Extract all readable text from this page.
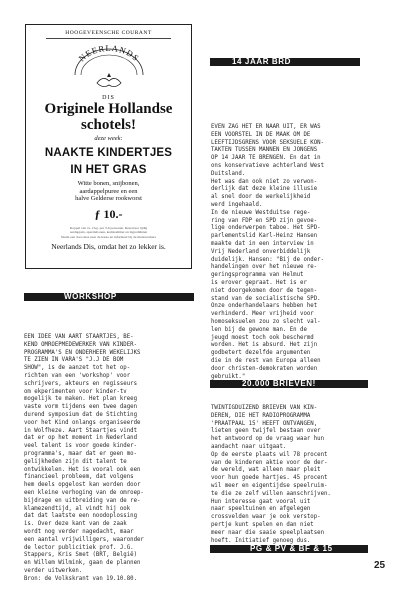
HOOGEVEENSCHE COURANT
NEERLANDS
DIS
Originele Hollandse
schotels!
deze week:
NAAKTE KINDERTJES
IN HET GRAS
Witte bonen, snijbonen,
aardappelpuree en een
halve Gelderse rookworst
ƒ 10.-
Koppel van ca. 2 kg. per 3-6 personen. Reserveer tijdig
aardappels, sperziebonen, komkommer en ingrediënten
Neem een doos mee naar de kassa en informeer bij de medewerkers
Neerlands Dis, omdat het zo lekker is.
14 JAAR BRD
EVEN ZAG HET ER NAAR UIT, ER WAS
EEN VOORSTEL IN DE MAAK OM DE
LEEFTIJDSGRENS VOOR SEKSUELE KON-
TAKTEN TUSSEN MANNEN EN JONGENS
OP 14 JAAR TE BRENGEN. En dat in
ons konservatieve achterland West
Duitsland.
Het was dan ook niet zo verwon-
derlijk dat deze kleine illusie
al snel door de werkelijkheid
werd ingehaald.
In de nieuwe Westduitse rege-
ring van FDP en SPD zijn gevoe-
lige onderwerpen taboe. Het SPD-
parlementslid Karl-Heinz Hansen
maakte dat in een interview in
Vrij Nederland onverbiddelijk
duidelijk. Hansen: "Bij de onder-
handelingen over het nieuwe re-
geringsprogramma van Helmut
is erover gepraat. Het is er
niet doorgekomen door de tegen-
stand van de socialistische SPD.
Onze onderhandelaars hebben het
verhinderd. Meer vrijheid voor
homoseksuelen zou zo slecht val-
len bij de gewone man. En de
jeugd moest toch ook beschermd
worden. Het is absurd. Het zijn
godbetert dezelfde argumenten
die in de rest van Europa alleen
door christen-demokraten worden
gebruikt."
WORKSHOP
EEN IDEE VAN AART STAARTJES, BE-
KEND OMROEPMEDEWERKER VAN KINDER-
PROGRAMMA'S EN ONDERHEER WEKELIJKS
TE ZIEN IN VARA'S "J.J DE BOM
SHOW", is de aanzet tot het op-
richten van een 'workshop' voor
schrijvers, akteurs en regisseurs
om ekperimenten voor kinder-tv
mogelijk te maken. Het plan kreeg
vaste vorm tijdens een twee dagen
durend symposium dat de Stichting
voor het Kind onlangs organiseerde
in Wolfheze. Aart Staartjes vindt
dat er op het moment in Nederland
veel talent is voor goede kinder-
programma's, maar dat er geen mo-
gelijkheden zijn dit talent te
ontwikkelen. Het is vooral ook een
financieel probleem, dat volgens
hem deels opgelost kan worden door
een kleine verhoging van de omroep-
bijdrage en uitbreiding van de re-
klamezendtijd, al vindt hij ook
dat dat laatste een noodoplossing
is. Over deze kant van de zaak
wordt nog verder nagedacht, maar
een aantal vrijwilligers, waaronder
de lector publicitiek prof. J.G.
Stappers, Kris Smet (BRT, België)
en Willem Wilmink, gaan de plannen
verder uitwerken.
Bron: de Volkskrant van 19.10.80.
20.000 BRIEVEN!
TWINTIGDUIZEND BRIEVEN VAN KIN-
DEREN, DIE HET RADIOPROGRAMMA
'PRAATPAAL 15' HEEFT ONTVANGEN,
lieten geen twijfel bestaan over
het antwoord op de vraag waar hun
aandacht naar uitgaat.
Op de eerste plaats wil 78 procent
van de kinderen aktie voor de der-
de wereld, wat alleen maar pleit
voor hun goede hartjes. 45 procent
wil meer en eigentijdse speelruim-
te die ze zelf willen aanschrijven.
Hun interesse gaat vooral uit
naar speeltuinen en afgelegen
crossvelden waar je ook verstop-
pertje kunt spelen en dan niet
meer naar die saaie speelplaatsen
hoeft. Initiatief genoeg dus.
PG & PV & BF & 15
25
